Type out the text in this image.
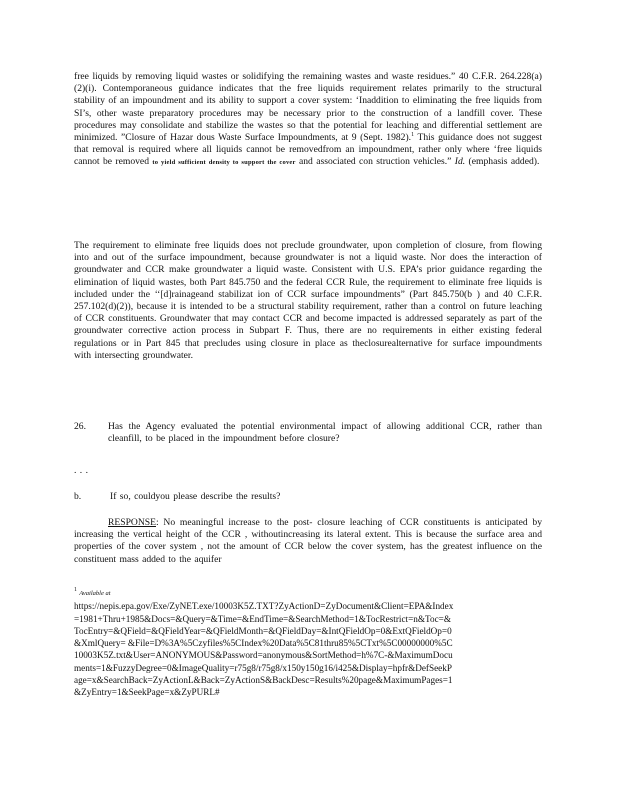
free liquids by removing liquid wastes or solidifying the remaining wastes and waste residues.” 40 C.F.R. 264.228(a)(2)(i). Contemporaneous guidance indicates that the free liquids requirement relates primarily to the structural stability of an impoundment and its ability to support a cover system: ‘Inaddition to eliminating the free liquids from SI’s, other waste preparatory procedures may be necessary prior to the construction of a landfill cover. These procedures may consolidate and stabilize the wastes so that the potential for leaching and differential settlement are minimized. ”Closure of Hazar dous Waste Surface Impoundments, at 9 (Sept. 1982).$^1$ This guidance does not suggest that removal is required where all liquids cannot be removedfrom an impoundment, rather only where ‘free liquids cannot be removed to yield sufficient density to support the cover and associated con struction vehicles.” Id. (emphasis added).
The requirement to eliminate free liquids does not preclude groundwater, upon completion of closure, from flowing into and out of the surface impoundment, because groundwater is not a liquid waste. Nor does the interaction of groundwater and CCR make groundwater a liquid waste. Consistent with U.S. EPA’s prior guidance regarding the elimination of liquid wastes, both Part 845.750 and the federal CCR Rule, the requirement to eliminate free liquids is included under the ‘‘[d]rainageand stabilizat ion of CCR surface impoundments” (Part 845.750(b ) and 40 C.F.R. 257.102(d)(2)), because it is intended to be a structural stability requirement, rather than a control on future leaching of CCR constituents. Groundwater that may contact CCR and become impacted is addressed separately as part of the groundwater corrective action process in Subpart F. Thus, there are no requirements in either existing federal regulations or in Part 845 that precludes using closure in place as theclosurealternative for surface impoundments with intersecting groundwater.
26.	Has the Agency evaluated the potential environmental impact of allowing additional CCR, rather than cleanfill, to be placed in the impoundment before closure?
. . .
b.	If so, couldyou please describe the results?
RESPONSE: No meaningful increase to the post- closure leaching of CCR constituents is anticipated by increasing the vertical height of the CCR , withoutincreasing its lateral extent. This is because the surface area and properties of the cover system , not the amount of CCR below the cover system, has the greatest influence on the constituent mass added to the aquifer
$^1$ Available at
https://nepis.epa.gov/Exe/ZyNET.exe/10003K5Z.TXT?ZyActionD=ZyDocument&Client=EPA&Index=1981+Thru+1985&Docs=&Query=&Time=&EndTime=&SearchMethod=1&TocRestrict=n&Toc=&TocEntry=&QField=&QFieldYear=&QFieldMonth=&QFieldDay=&IntQFieldOp=0&ExtQFieldOp=0&XmlQuery= &File=D%3A%5Czyfiles%5CIndex%20Data%5C81thru85%5CTxt%5C00000000%5C10003K5Z.txt&User=ANONYMOUS&Password=anonymous&SortMethod=h%7C-&MaximumDocuments=1&FuzzyDegree=0&ImageQuality=r75g8/r75g8/x150y150g16/i425&Display=hpfr&DefSeekPage=x&SearchBack=ZyActionL&Back=ZyActionS&BackDesc=Results%20page&MaximumPages=1&ZyEntry=1&SeekPage=x&ZyPURL#
